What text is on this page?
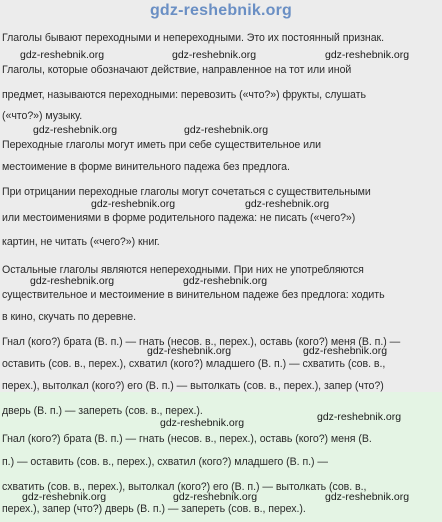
gdz-reshebnik.org
Глаголы бывают переходными и непереходными. Это их постоянный признак.
Глаголы, которые обозначают действие, направленное на тот или иной
предмет, называются переходными: перевозить («что?») фрукты, слушать
(«что?») музыку.
Переходные глаголы могут иметь при себе существительное или
местоимение в форме винительного падежа без предлога.
При отрицании переходные глаголы могут сочетаться с существительными
или местоимениями в форме родительного падежа: не писать («чего?»)
картин, не читать («чего?») книг.
Остальные глаголы являются непереходными. При них не употребляются
существительное и местоимение в винительном падеже без предлога: ходить
в кино, скучать по деревне.
Гнал (кого?) брата (В. п.) — гнать (несов. в., перех.), оставь (кого?) меня (В. п.) —
оставить (сов. в., перех.), схватил (кого?) младшего (В. п.) — схватить (сов. в.,
перех.), вытолкал (кого?) его (В. п.) — вытолкать (сов. в., перех.), запер (что?)
дверь (В. п.) — запереть (сов. в., перех.).
Гнал (кого?) брата (В. п.) — гнать (несов. в., перех.), оставь (кого?) меня (В.
п.) — оставить (сов. в., перех.), схватил (кого?) младшего (В. п.) —
схватить (сов. в., перех.), вытолкал (кого?) его (В. п.) — вытолкать (сов. в.,
перех.), запер (что?) дверь (В. п.) — запереть (сов. в., перех.).
gdz-reshebnik.org	gdz-reshebnik.org	gdz-reshebnik.org
gdz-reshebnik.org	gdz-reshebnik.org
gdz-reshebnik.org	gdz-reshebnik.org
gdz-reshebnik.org	gdz-reshebnik.org
gdz-reshebnik.org	gdz-reshebnik.org
gdz-reshebnik.org	gdz-reshebnik.org
gdz-reshebnik.org	gdz-reshebnik.org	gdz-reshebnik.org
